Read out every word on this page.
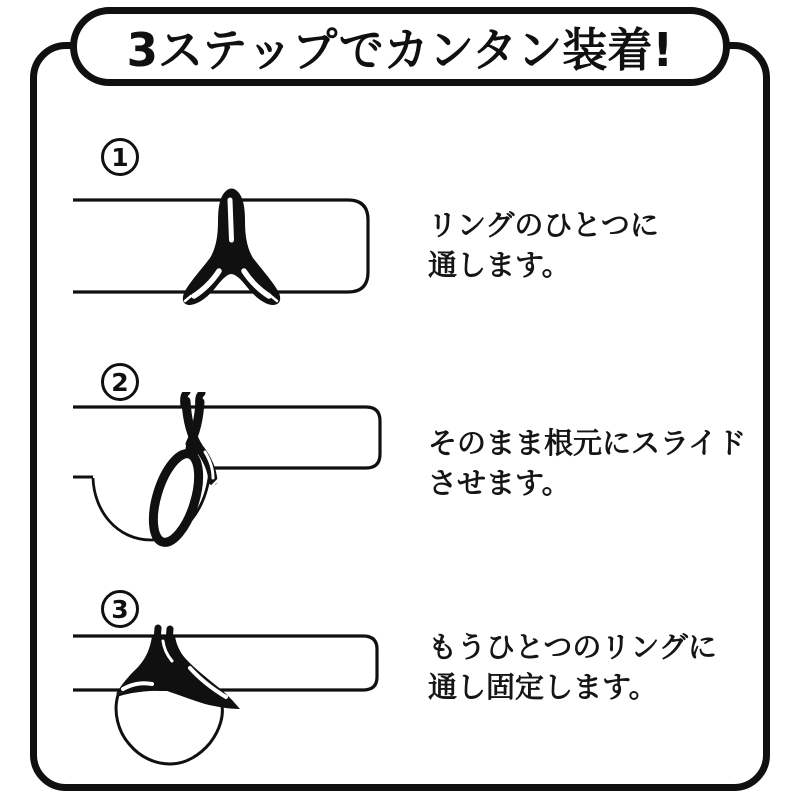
3ステップでカンタン装着!
1
リングのひとつに
通します。
2
そのまま根元にスライド
させます。
3
もうひとつのリングに
通し固定します。
